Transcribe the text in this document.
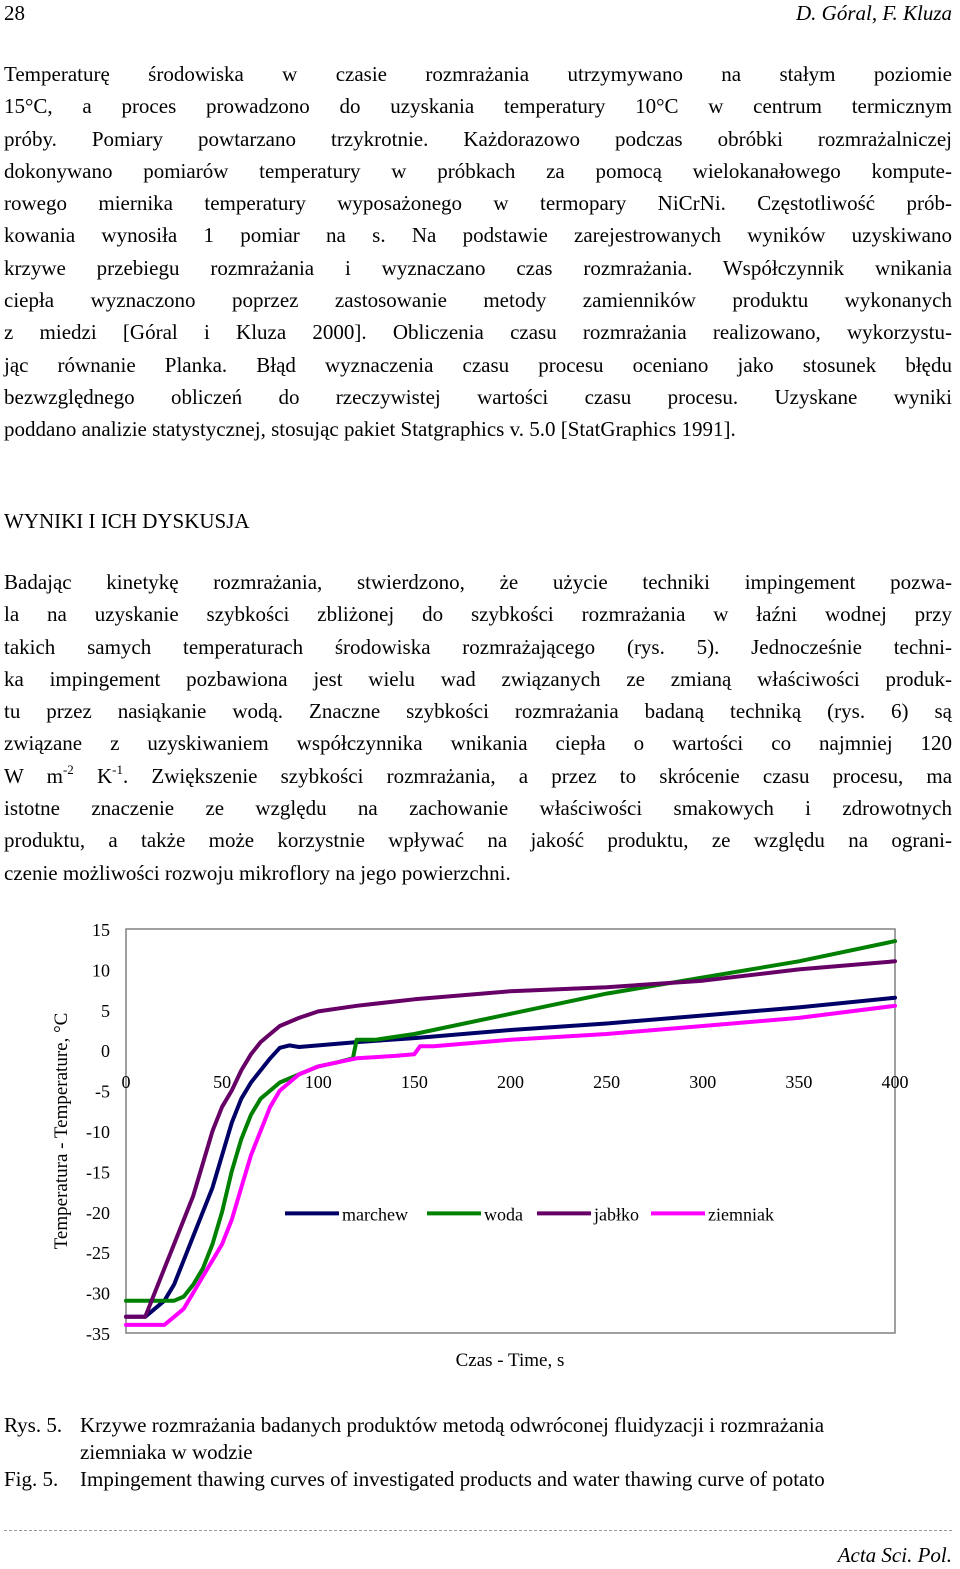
28	D. Góral, F. Kluza
Temperaturę środowiska w czasie rozmrażania utrzymywano na stałym poziomie
15°C, a proces prowadzono do uzyskania temperatury 10°C w centrum termicznym
próby. Pomiary powtarzano trzykrotnie. Każdorazowo podczas obróbki rozmrażalniczej
dokonywano pomiarów temperatury w próbkach za pomocą wielokanałowego kompute-
rowego miernika temperatury wyposażonego w termopary NiCrNi. Częstotliwość prób-
kowania wynosiła 1 pomiar na s. Na podstawie zarejestrowanych wyników uzyskiwano
krzywe przebiegu rozmrażania i wyznaczano czas rozmrażania. Współczynnik wnikania
ciepła wyznaczono poprzez zastosowanie metody zamienników produktu wykonanych
z miedzi [Góral i Kluza 2000]. Obliczenia czasu rozmrażania realizowano, wykorzystu-
jąc równanie Planka. Błąd wyznaczenia czasu procesu oceniano jako stosunek błędu
bezwzględnego obliczeń do rzeczywistej wartości czasu procesu. Uzyskane wyniki
poddano analizie statystycznej, stosując pakiet Statgraphics v. 5.0 [StatGraphics 1991].
WYNIKI I ICH DYSKUSJA
Badając kinetykę rozmrażania, stwierdzono, że użycie techniki impingement pozwa-
la na uzyskanie szybkości zbliżonej do szybkości rozmrażania w łaźni wodnej przy
takich samych temperaturach środowiska rozmrażającego (rys. 5). Jednocześnie techni-
ka impingement pozbawiona jest wielu wad związanych ze zmianą właściwości produk-
tu przez nasiąkanie wodą. Znaczne szybkości rozmrażania badaną techniką (rys. 6) są
związane z uzyskiwaniem współczynnika wnikania ciepła o wartości co najmniej 120
W $m^{-2}$ $K^{-1}$. Zwiększenie szybkości rozmrażania, a przez to skrócenie czasu procesu, ma
istotne znaczenie ze względu na zachowanie właściwości smakowych i zdrowotnych
produktu, a także może korzystnie wpływać na jakość produktu, ze względu na ograni-
czenie możliwości rozwoju mikroflory na jego powierzchni.
15
10
5
0
-5
-10
-15
-20
-25
-30
-35
0	50	100	150	200	250	300	350	400
marchew	woda	jabłko	ziemniak
Temperatura - Temperature, °C
Czas - Time, s
Rys. 5. Krzywe rozmrażania badanych produktów metodą odwróconej fluidyzacji i rozmrażania
ziemniaka w wodzie
Fig. 5. Impingement thawing curves of investigated products and water thawing curve of potato
Acta Sci. Pol.
